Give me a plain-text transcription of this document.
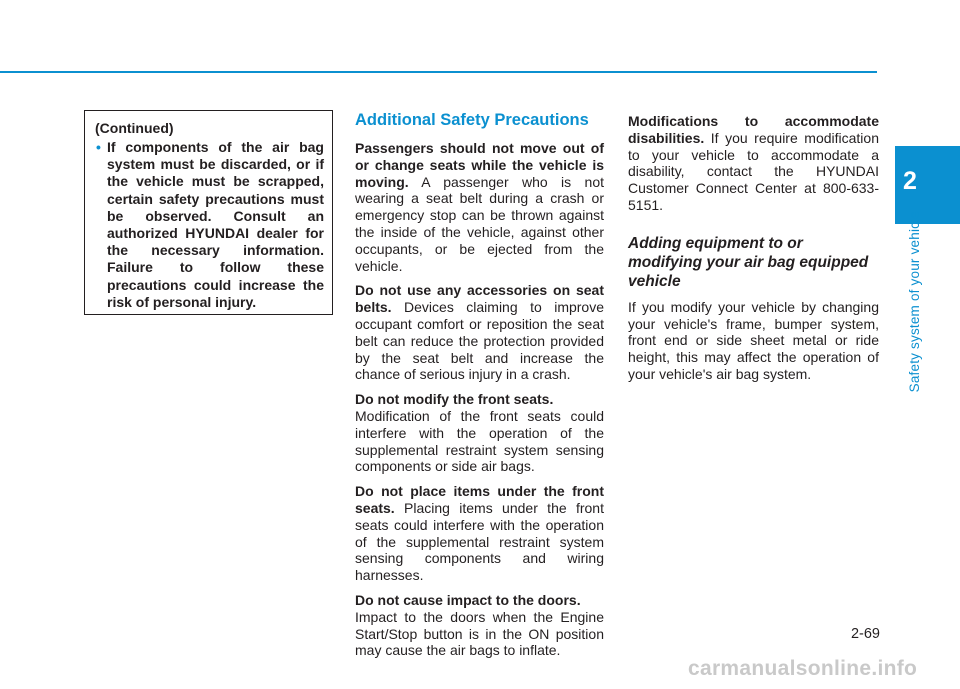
2
Safety system of your vehicle
(Continued)
• If components of the air bag system must be discarded, or if the vehicle must be scrapped, certain safety precautions must be observed. Consult an authorized HYUNDAI dealer for the necessary information. Failure to follow these precautions could increase the risk of personal injury.
Additional Safety Precautions

Passengers should not move out of or change seats while the vehicle is moving. A passenger who is not wearing a seat belt during a crash or emergency stop can be thrown against the inside of the vehicle, against other occupants, or be ejected from the vehicle.

Do not use any accessories on seat belts. Devices claiming to improve occupant comfort or reposition the seat belt can reduce the protection provided by the seat belt and increase the chance of serious injury in a crash.

Do not modify the front seats.
Modification of the front seats could interfere with the operation of the supplemental restraint system sensing components or side air bags.

Do not place items under the front seats. Placing items under the front seats could interfere with the operation of the supplemental restraint system sensing components and wiring harnesses.

Do not cause impact to the doors.
Impact to the doors when the Engine Start/Stop button is in the ON position may cause the air bags to inflate.

Modifications to accommodate disabilities. If you require modification to your vehicle to accommodate a disability, contact the HYUNDAI Customer Connect Center at 800-633-5151.

Adding equipment to or modifying your air bag equipped vehicle

If you modify your vehicle by changing your vehicle's frame, bumper system, front end or side sheet metal or ride height, this may affect the operation of your vehicle's air bag system.

2-69
carmanualsonline.info
